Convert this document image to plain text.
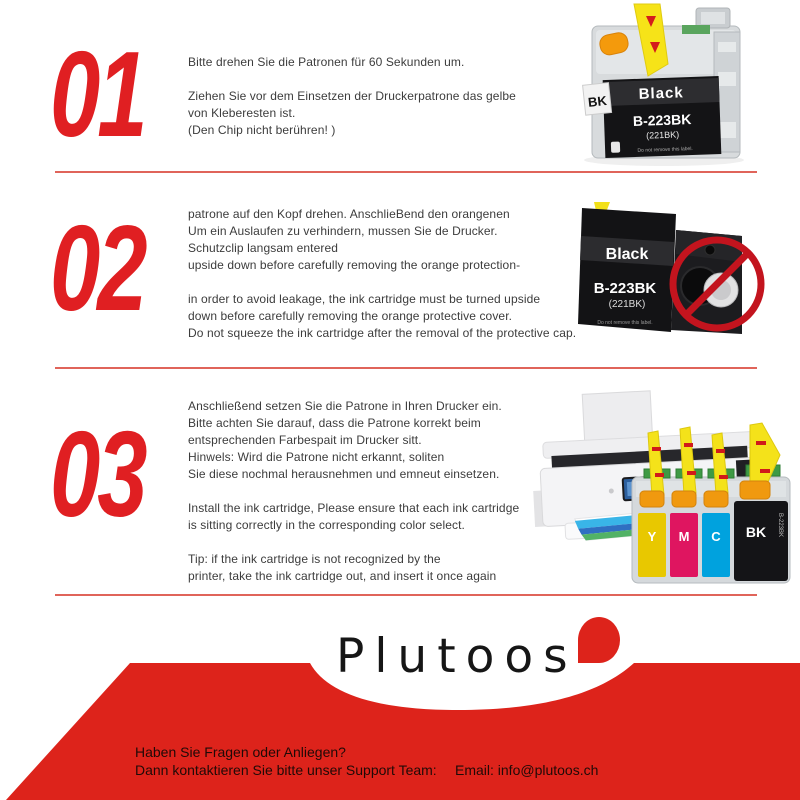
01	Bitte drehen Sie die Patronen für 60 Sekunden um.
Ziehen Sie vor dem Einsetzen der Druckerpatrone das gelbe
von Kleberesten ist.
(Den Chip nicht berühren! )
Black
B-223BK
(221BK)
Do not remove this label.
BK
02	patrone auf den Kopf drehen. AnschlieBend den orangenen
Um ein Auslaufen zu verhindern, mussen Sie de Drucker.
Schutzclip langsam entered
upside down before carefully removing the orange protection-
in order to avoid leakage, the ink cartridge must be turned upside
down before carefully removing the orange protective cover.
Do not squeeze the ink cartridge after the removal of the protective cap.
Black
B-223BK
(221BK)
Do not remove this label.
03	Anschließend setzen Sie die Patrone in Ihren Drucker ein.
Bitte achten Sie darauf, dass die Patrone korrekt beim
entsprechenden Farbespait im Drucker sitt.
Hinwels: Wird die Patrone nicht erkannt, soliten
Sie diese nochmal herausnehmen und emneut einsetzen.
Install the ink cartridge, Please ensure that each ink cartridge
is sitting correctly in the corresponding color select.
Tip: if the ink cartridge is not recognized by the
printer, take the ink cartridge out, and insert it once again
Y M C BK B-223BK
Plutoos
Haben Sie Fragen oder Anliegen?
Dann kontaktieren Sie bitte unser Support Team: Email: info@plutoos.ch
